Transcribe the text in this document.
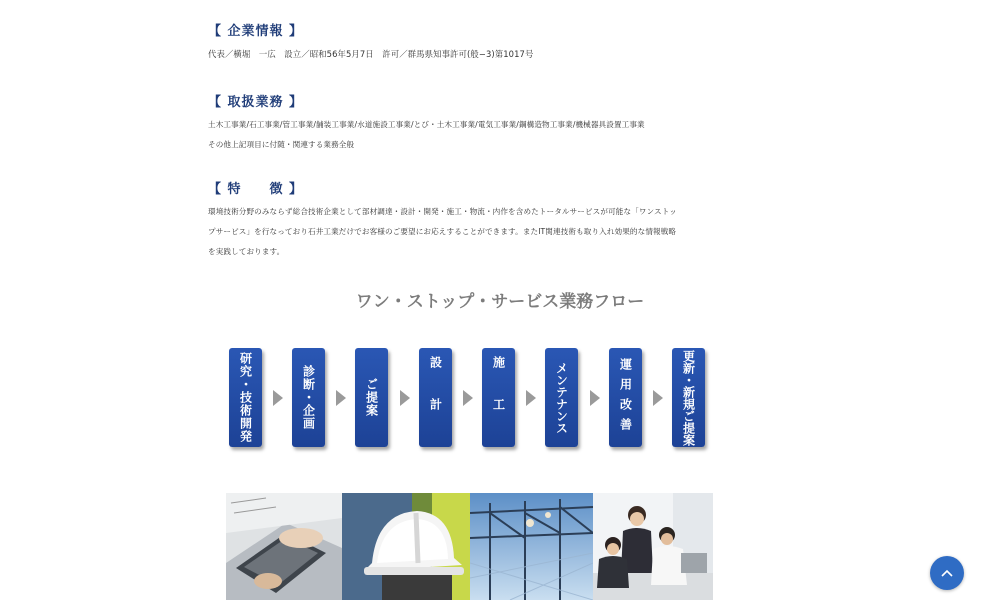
【 企業情報 】
代表／横堀　一広　設立／昭和56年5月7日　許可／群馬県知事許可(般−3)第1017号
【 取扱業務 】
土木工事業/石工事業/管工事業/舗装工事業/水道施設工事業/とび・土木工事業/電気工事業/鋼構造物工事業/機械器具設置工事業
その他上記項目に付随・関連する業務全般
【 特　　徴 】
環境技術分野のみならず総合技術企業として部材調達・設計・開発・施工・物流・内作を含めたトータルサービスが可能な「ワンストッ
プサービス」を行なっており石井工業だけでお客様のご要望にお応えすることができます。またIT関連技術も取り入れ効果的な情報戦略
を実践しております。
ワン・ストップ・サービス業務フロー
研究・技術開発	診断・企画	ご提案	設計	施工	メンテナンス	運用改善	更新・新規ご提案
